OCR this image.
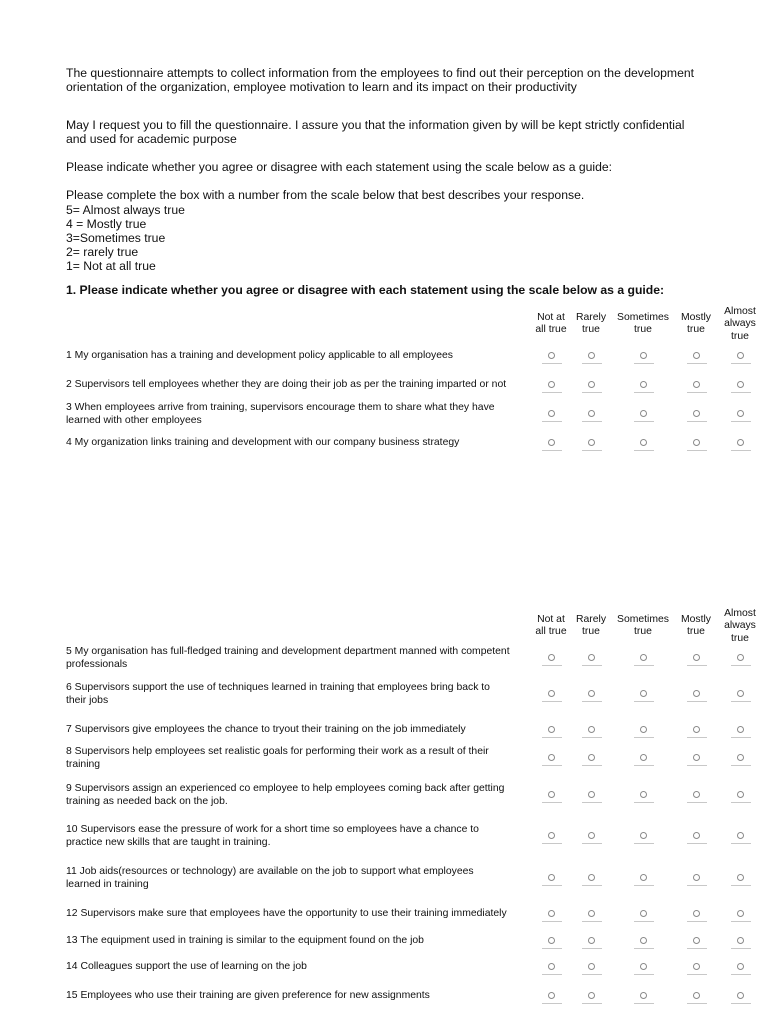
The questionnaire attempts to collect information from the employees to find out their perception on the development
orientation of the organization, employee motivation to learn and its impact on their productivity
May I request you to fill the questionnaire. I assure you that the information given by will be kept strictly confidential
and used for academic purpose
Please indicate whether you agree or disagree with each statement using the scale below as a guide:
Please complete the box with a number from the scale below that best describes your response.
5= Almost always true
4 = Mostly true
3=Sometimes true
2= rarely true
1= Not at all true
1. Please indicate whether you agree or disagree with each statement using the scale below as a guide:
Not at
all true
Rarely
true
Sometimes
true
Mostly
true
Almost
always
true
1 My organisation has a training and development policy applicable to all employees
2 Supervisors tell employees whether they are doing their job as per the training imparted or not
3 When employees arrive from training, supervisors encourage them to share what they have
learned with other employees
4 My organization links training and development with our company business strategy
Not at
all true
Rarely
true
Sometimes
true
Mostly
true
Almost
always
true
5 My organisation has full-fledged training and development department manned with competent
professionals
6 Supervisors support the use of techniques learned in training that employees bring back to
their jobs
7 Supervisors give employees the chance to tryout their training on the job immediately
8 Supervisors help employees set realistic goals for performing their work as a result of their
training
9 Supervisors assign an experienced co employee to help employees coming back after getting
training as needed back on the job.
10 Supervisors ease the pressure of work for a short time so employees have a chance to
practice new skills that are taught in training.
11 Job aids(resources or technology) are available on the job to support what employees
learned in training
12 Supervisors make sure that employees have the opportunity to use their training immediately
13 The equipment used in training is similar to the equipment found on the job
14 Colleagues support the use of learning on the job
15 Employees who use their training are given preference for new assignments
